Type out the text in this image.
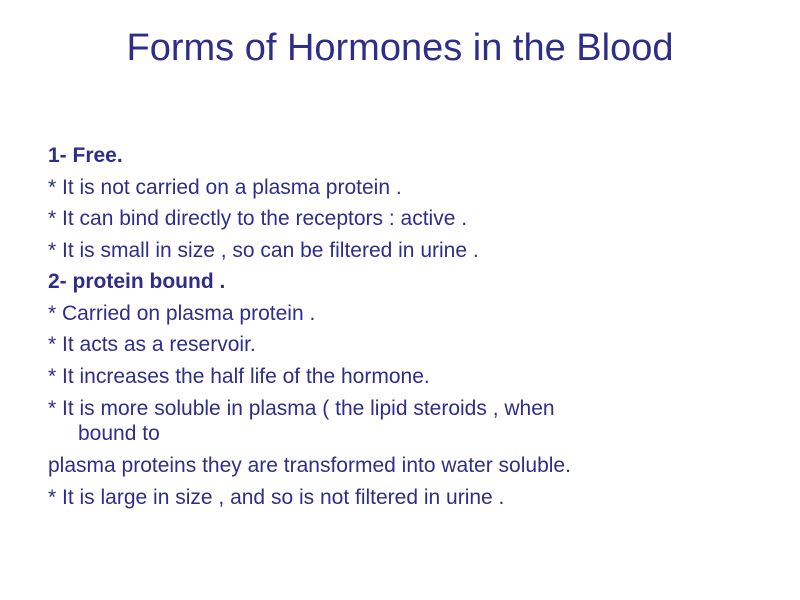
Forms of Hormones in the Blood

1- Free.

* It is not carried on a plasma protein .

* It can bind directly to the receptors : active .

* It is small in size , so can be filtered in urine .

2- protein bound .

* Carried on plasma protein .

* It acts as a reservoir.

* It increases the half life of the hormone.

* It is more soluble in plasma ( the lipid steroids , when
bound to

plasma proteins they are transformed into water soluble.

* It is large in size , and so is not filtered in urine .
